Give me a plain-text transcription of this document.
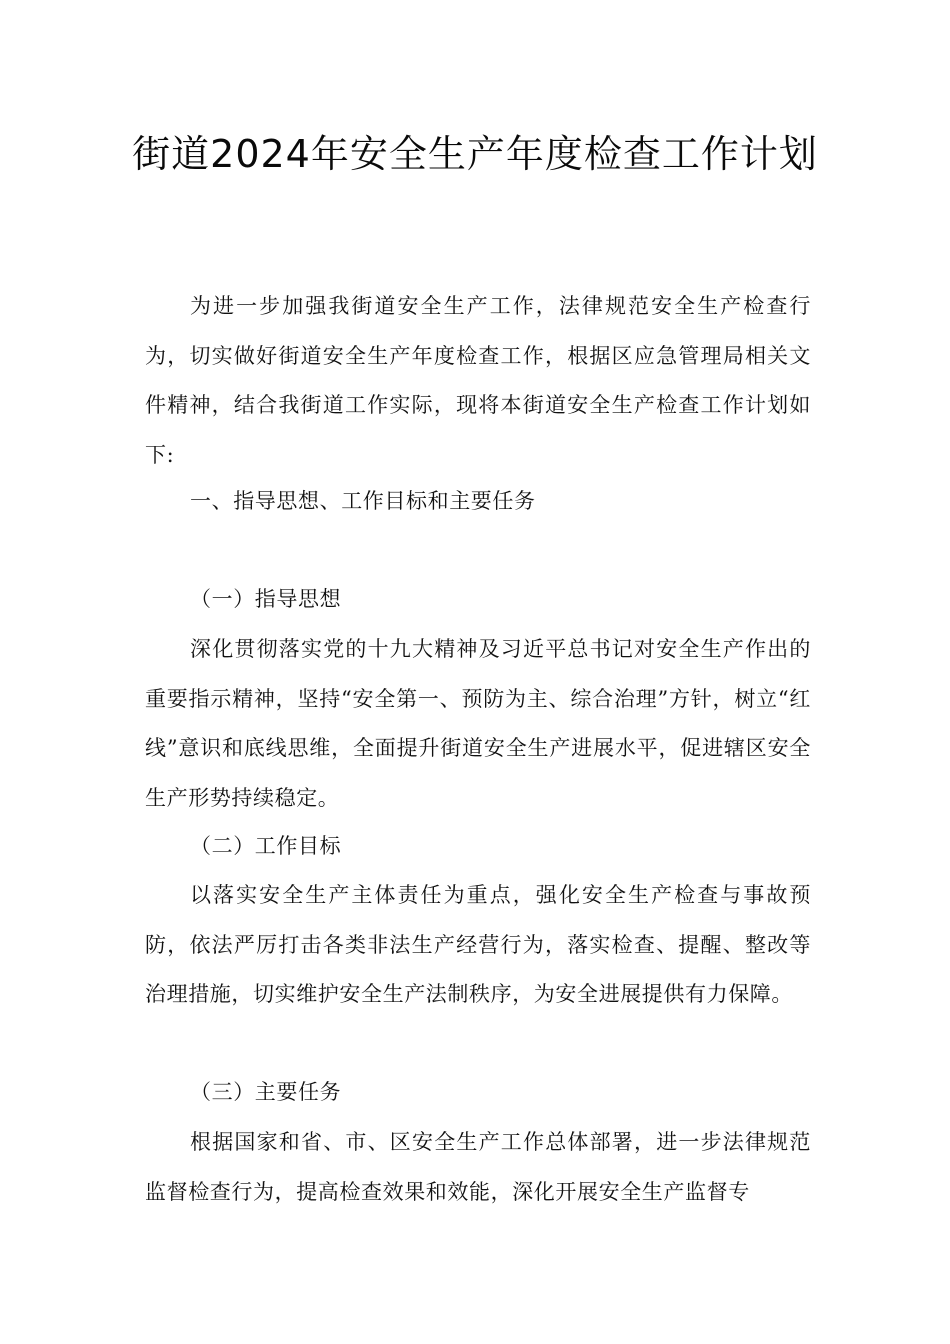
街道2024年安全生产年度检查工作计划

为进一步加强我街道安全生产工作，法律规范安全生产检查行为，切实做好街道安全生产年度检查工作，根据区应急管理局相关文件精神，结合我街道工作实际，现将本街道安全生产检查工作计划如下:

一、指导思想、工作目标和主要任务

（一）指导思想

深化贯彻落实党的十九大精神及习近平总书记对安全生产作出的重要指示精神，坚持“安全第一、预防为主、综合治理”方针，树立“红线”意识和底线思维，全面提升街道安全生产进展水平，促进辖区安全生产形势持续稳定。

（二）工作目标

以落实安全生产主体责任为重点，强化安全生产检查与事故预防，依法严厉打击各类非法生产经营行为，落实检查、提醒、整改等治理措施，切实维护安全生产法制秩序，为安全进展提供有力保障。

（三）主要任务

根据国家和省、市、区安全生产工作总体部署，进一步法律规范监督检查行为，提高检查效果和效能，深化开展安全生产监督专
